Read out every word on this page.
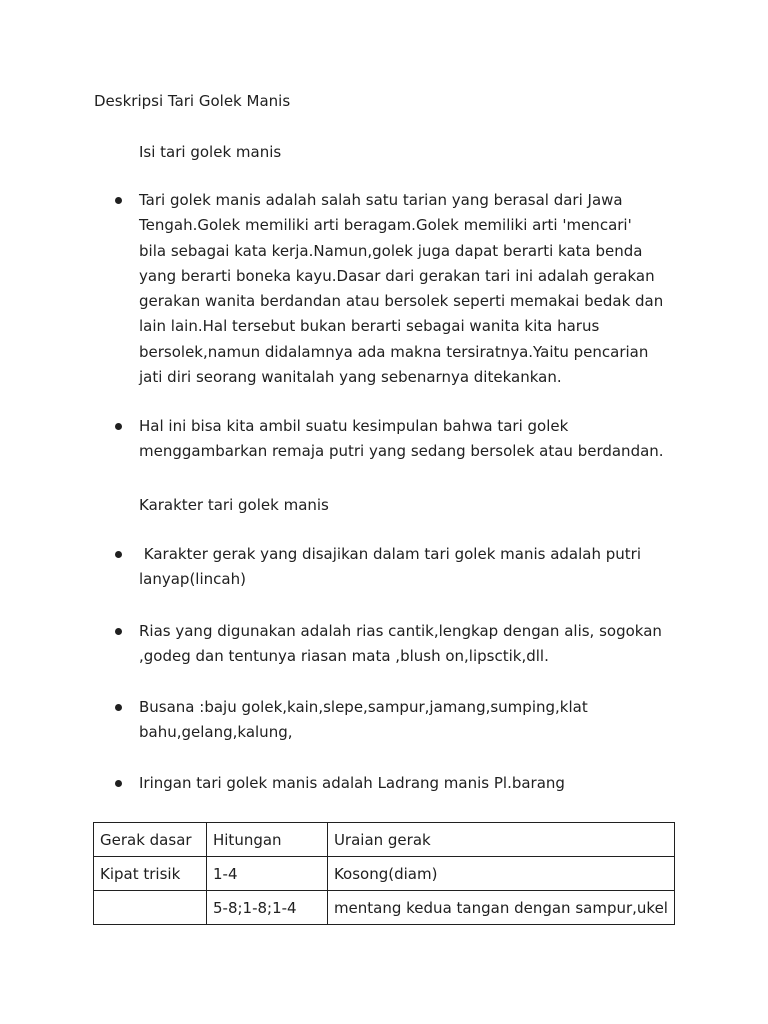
Deskripsi Tari Golek Manis
Isi tari golek manis
Tari golek manis adalah salah satu tarian yang berasal dari Jawa
Tengah.Golek memiliki arti beragam.Golek memiliki arti 'mencari'
bila sebagai kata kerja.Namun,golek juga dapat berarti kata benda
yang berarti boneka kayu.Dasar dari gerakan tari ini adalah gerakan
gerakan wanita berdandan atau bersolek seperti memakai bedak dan
lain lain.Hal tersebut bukan berarti sebagai wanita kita harus
bersolek,namun didalamnya ada makna tersiratnya.Yaitu pencarian
jati diri seorang wanitalah yang sebenarnya ditekankan.
Hal ini bisa kita ambil suatu kesimpulan bahwa tari golek
menggambarkan remaja putri yang sedang bersolek atau berdandan.
Karakter tari golek manis
Karakter gerak yang disajikan dalam tari golek manis adalah putri
lanyap(lincah)
Rias yang digunakan adalah rias cantik,lengkap dengan alis, sogokan
,godeg dan tentunya riasan mata ,blush on,lipsctik,dll.
Busana :baju golek,kain,slepe,sampur,jamang,sumping,klat
bahu,gelang,kalung,
Iringan tari golek manis adalah Ladrang manis Pl.barang
Gerak dasar	Hitungan	Uraian gerak
Kipat trisik	1-4	Kosong(diam)
	5-8;1-8;1-4	mentang kedua tangan dengan sampur,ukel
